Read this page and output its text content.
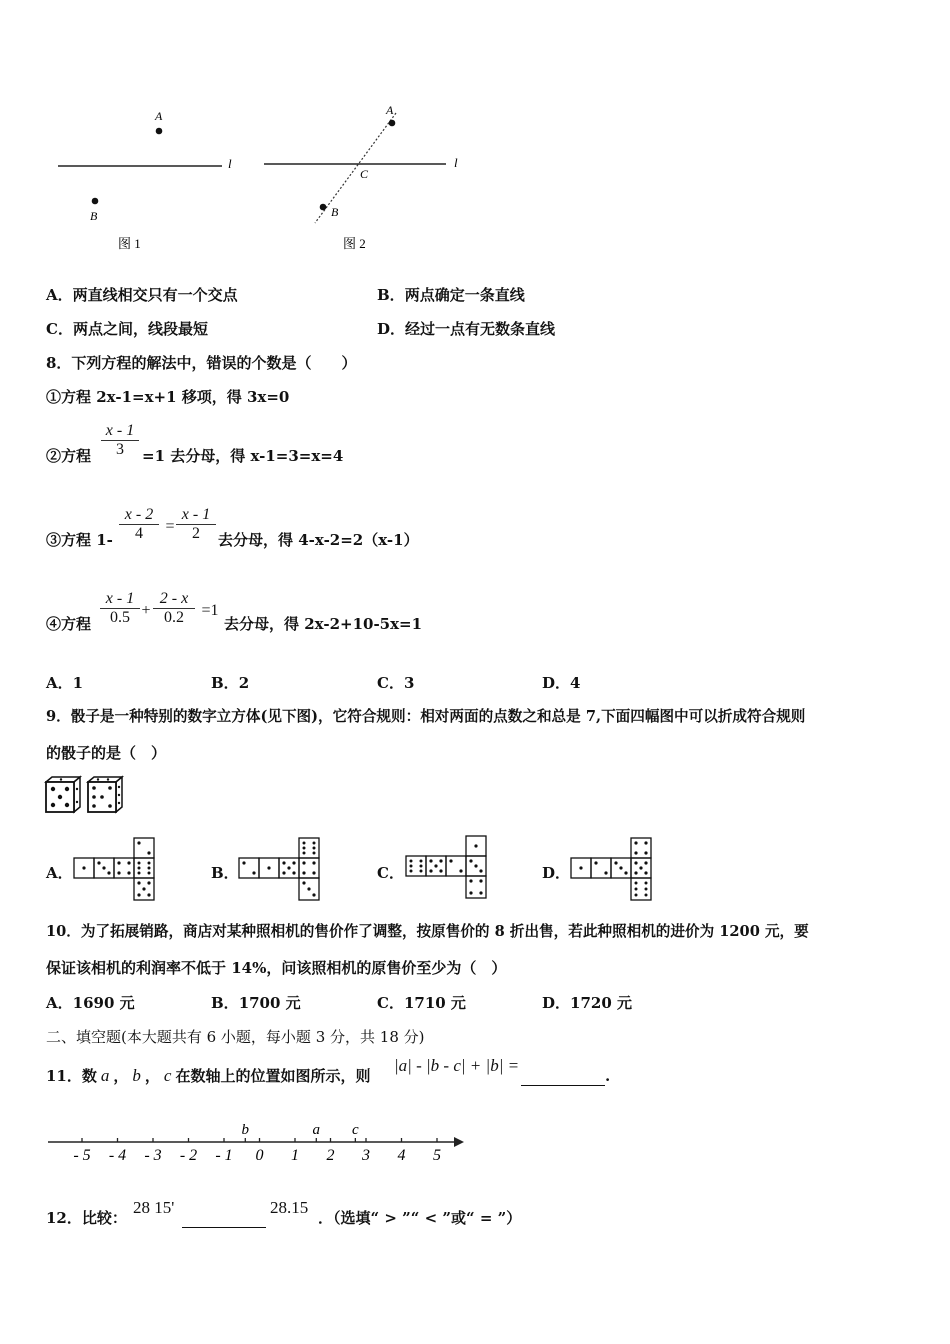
A
B
l
图 1
A
B
C
l
图 2
A．两直线相交只有一个交点	B．两点确定一条直线
C．两点之间，线段最短	D．经过一点有无数条直线
8．下列方程的解法中，错误的个数是（　　）
①方程 2x-1=x+1 移项，得 3x=0
②方程 $\frac{x - 1}{3} =1$ 去分母，得 x-1=3=x=4
③方程 $1- \frac{x - 2}{4} = \frac{x - 1}{2}$ 去分母，得 4-x-2=2（x-1）
④方程 $\frac{x - 1}{0.5} + \frac{2 - x}{0.2} =1$
去分母，得 2x-2+10-5x=1
A．1	B．2	C．3	D．4
9．骰子是一种特别的数字立方体(见下图)，它符合规则：相对两面的点数之和总是 7,下面四幅图中可以折成符合规则
的骰子的是（　）
A．	B．	C．	D．
10．为了拓展销路，商店对某种照相机的售价作了调整，按原售价的 8 折出售，若此种照相机的进价为 1200 元，要
保证该相机的利润率不低于 14%，问该照相机的原售价至少为（　）
A．1690 元	B．1700 元	C．1710 元	D．1720 元
二、填空题(本大题共有 6 小题，每小题 3 分，共 18 分)
11．数 a ， b ， c 在数轴上的位置如图所示，则
|a| - |b - c| + |b| =
.
- 5 - 4 - 3 - 2 - 1 0 1 2 3 4 5
b	a c
12．比较：
28 15'	28.15
．（选填“ > ”“ < ”或“ = ”）
